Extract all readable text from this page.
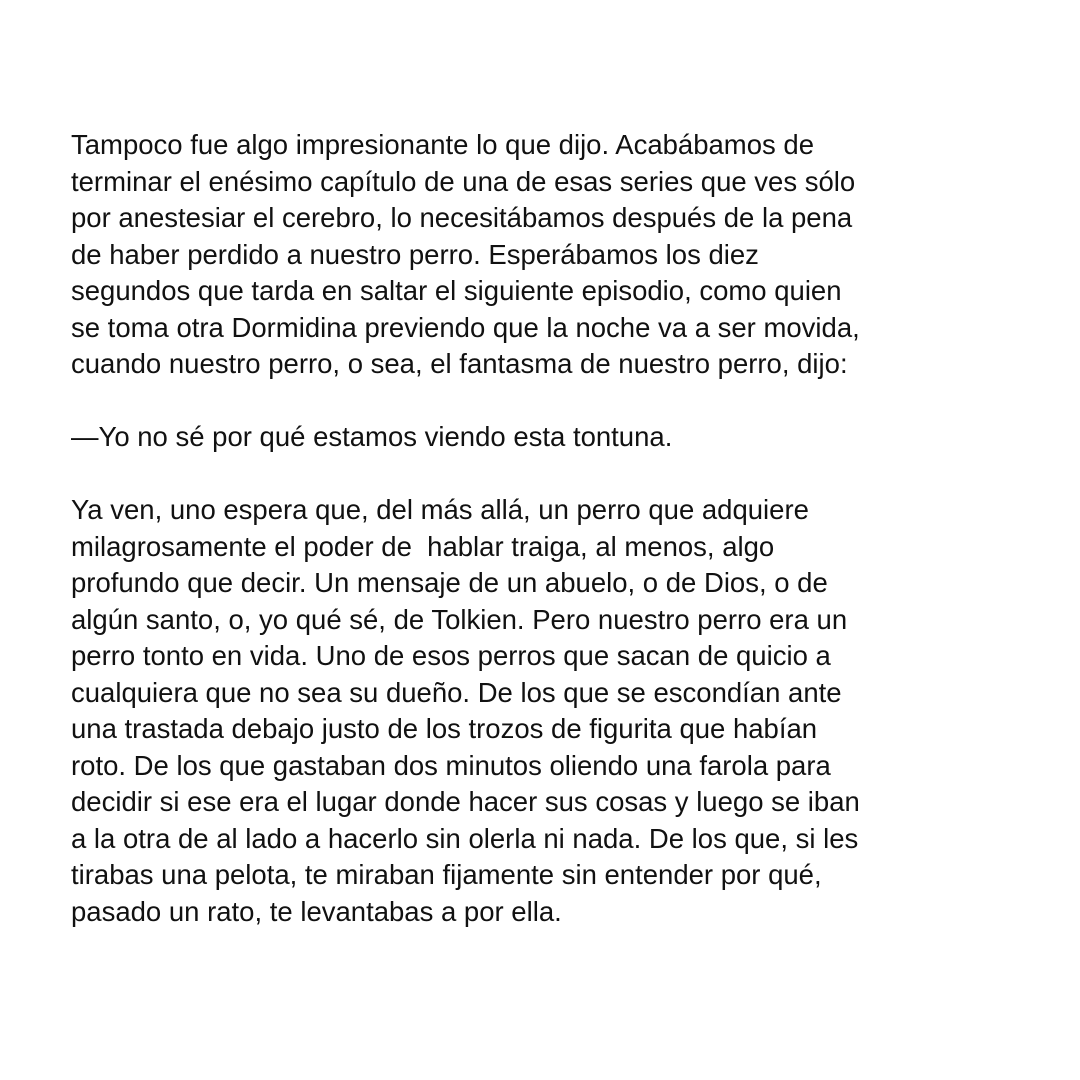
Tampoco fue algo impresionante lo que dijo. Acabábamos de
terminar el enésimo capítulo de una de esas series que ves sólo
por anestesiar el cerebro, lo necesitábamos después de la pena
de haber perdido a nuestro perro. Esperábamos los diez
segundos que tarda en saltar el siguiente episodio, como quien
se toma otra Dormidina previendo que la noche va a ser movida,
cuando nuestro perro, o sea, el fantasma de nuestro perro, dijo:
—Yo no sé por qué estamos viendo esta tontuna.
Ya ven, uno espera que, del más allá, un perro que adquiere
milagrosamente el poder de  hablar traiga, al menos, algo
profundo que decir. Un mensaje de un abuelo, o de Dios, o de
algún santo, o, yo qué sé, de Tolkien. Pero nuestro perro era un
perro tonto en vida. Uno de esos perros que sacan de quicio a
cualquiera que no sea su dueño. De los que se escondían ante
una trastada debajo justo de los trozos de figurita que habían
roto. De los que gastaban dos minutos oliendo una farola para
decidir si ese era el lugar donde hacer sus cosas y luego se iban
a la otra de al lado a hacerlo sin olerla ni nada. De los que, si les
tirabas una pelota, te miraban fijamente sin entender por qué,
pasado un rato, te levantabas a por ella.
